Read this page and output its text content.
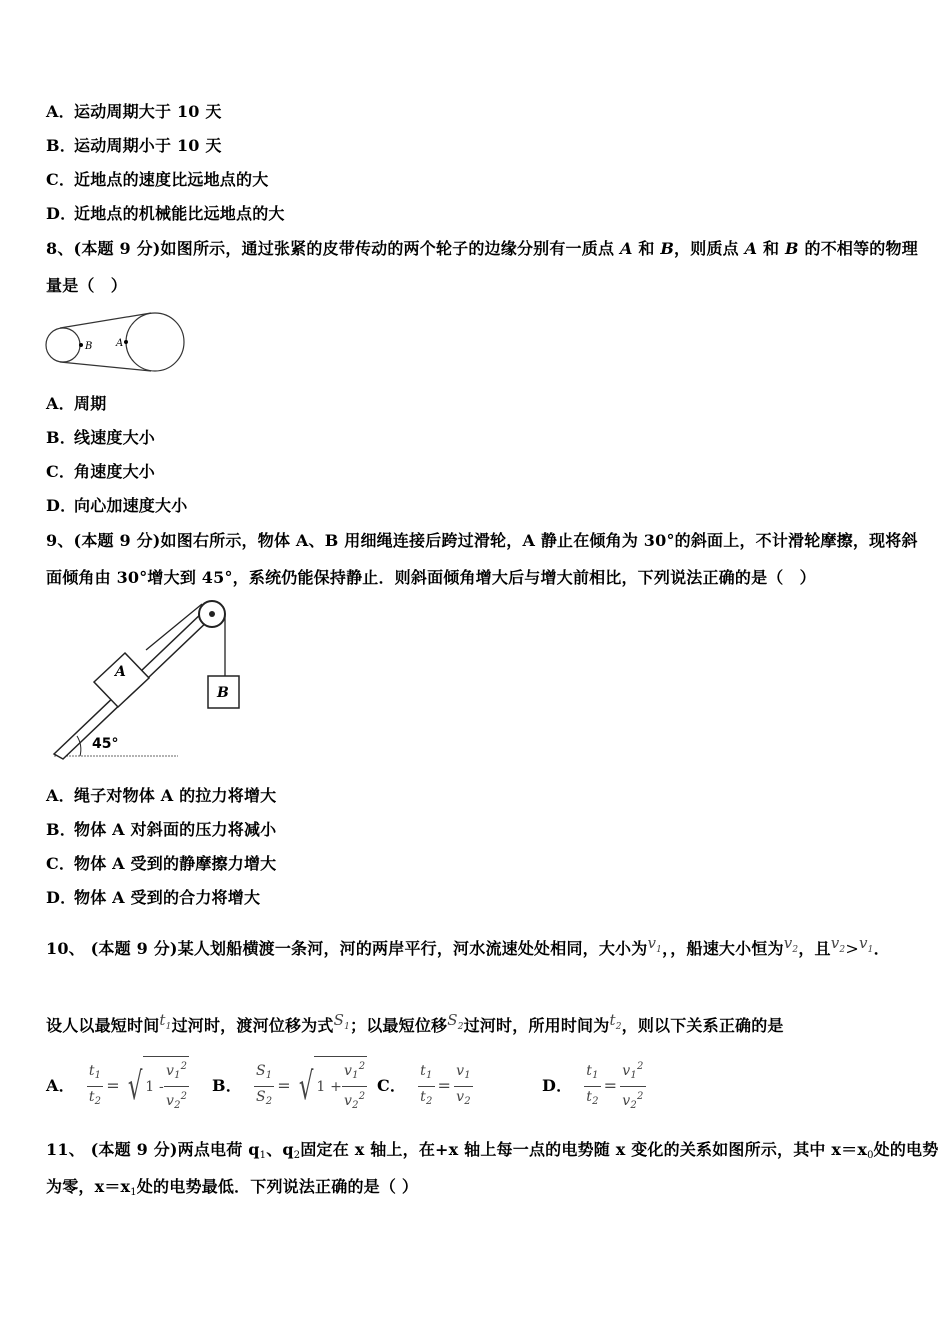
A．运动周期大于 10 天
B．运动周期小于 10 天
C．近地点的速度比远地点的大
D．近地点的机械能比远地点的大
8、(本题 9 分)如图所示，通过张紧的皮带传动的两个轮子的边缘分别有一质点 A 和 B，则质点 A 和 B 的不相等的物理
量是（　）
B A
A．周期
B．线速度大小
C．角速度大小
D．向心加速度大小
9、(本题 9 分)如图右所示，物体 A、B 用细绳连接后跨过滑轮，A 静止在倾角为 30°的斜面上，不计滑轮摩擦，现将斜
面倾角由 30°增大到 45°，系统仍能保持静止．则斜面倾角增大后与增大前相比，下列说法正确的是（　）
A
B
45°
A．绳子对物体 A 的拉力将增大
B．物体 A 对斜面的压力将减小
C．物体 A 受到的静摩擦力增大
D．物体 A 受到的合力将增大
10、 (本题 9 分)某人划船横渡一条河，河的两岸平行，河水流速处处相同，大小为$v_1$，，船速大小恒为$v_2$，且$v_2>v_1$．
设人以最短时间$t_1$过河时，渡河位移为式$S_1$；以最短位移$S_2$过河时，所用时间为$t_2$，则以下关系正确的是
A． $\frac{t_1}{t_2}$ = √ $1 - \frac{v_1^2}{v_2^2}$ B． $\frac{S_1}{S_2}$ = √ $1 + \frac{v_1^2}{v_2^2}$ C． $\frac{t_1}{t_2} = \frac{v_1}{v_2}$	D． $\frac{t_1}{t_2} = \frac{v_1^2}{v_2^2}$
11、 (本题 9 分)两点电荷 $q_1$、$q_2$固定在 x 轴上，在+x 轴上每一点的电势随 x 变化的关系如图所示，其中 $x=x_0$处的电势
为零，$x=x_1$处的电势最低．下列说法正确的是（ ）
